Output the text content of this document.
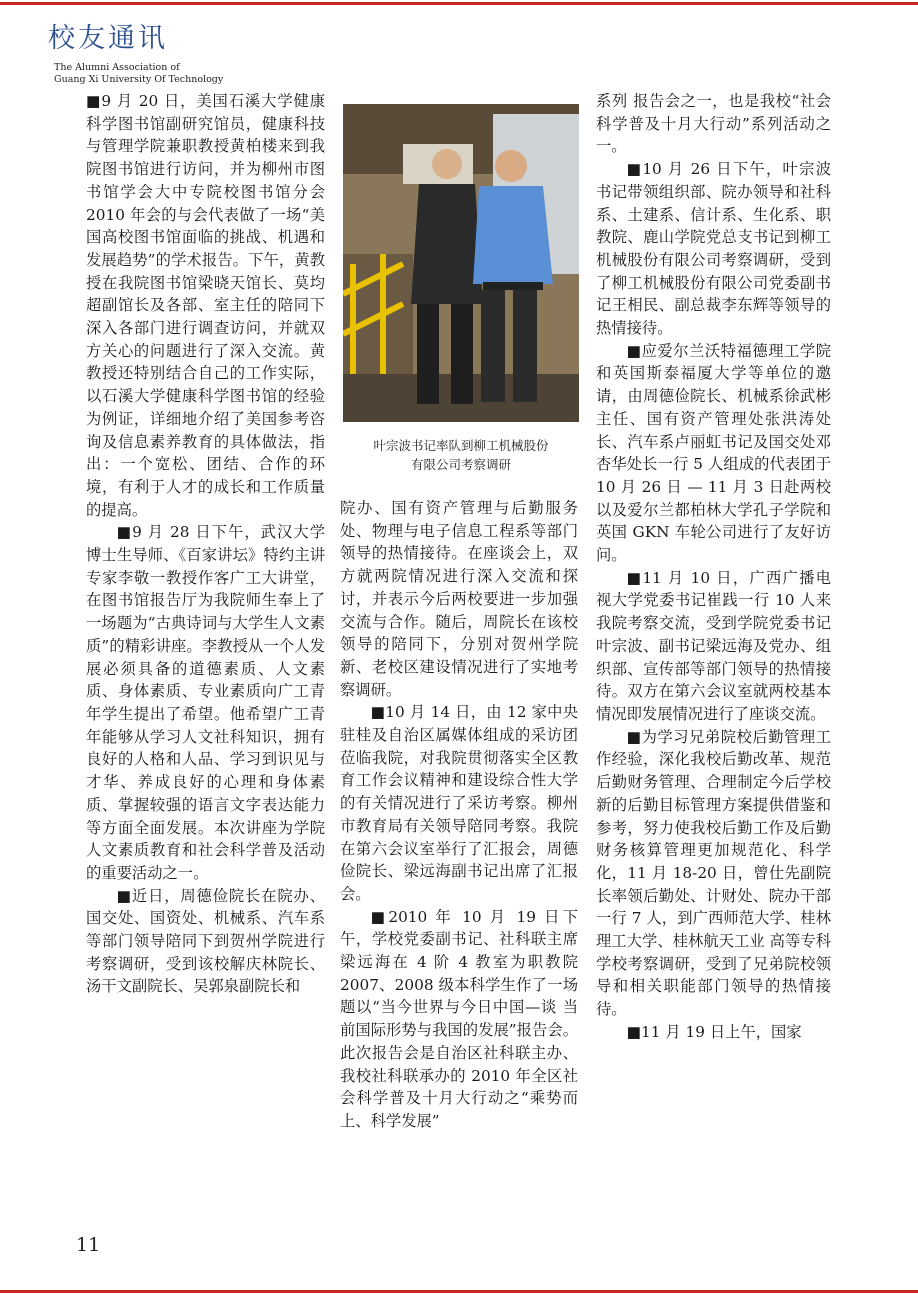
校友通讯
The Alumni Association of
Guang Xi University Of Technology

■9 月 20 日，美国石溪大学健康科学图书馆副研究馆员，健康科技与管理学院兼职教授黄柏楼来到我院图书馆进行访问，并为柳州市图书馆学会大中专院校图书馆分会 2010 年会的与会代表做了一场“美国高校图书馆面临的挑战、机遇和发展趋势”的学术报告。下午，黄教授在我院图书馆梁晓天馆长、莫均超副馆长及各部、室主任的陪同下深入各部门进行调查访问，并就双方关心的问题进行了深入交流。黄教授还特别结合自己的工作实际，以石溪大学健康科学图书馆的经验为例证，详细地介绍了美国参考咨询及信息素养教育的具体做法，指出：一个宽松、团结、合作的环境，有利于人才的成长和工作质量的提高。

■9 月 28 日下午，武汉大学博士生导师、《百家讲坛》特约主讲专家李敬一教授作客广工大讲堂，在图书馆报告厅为我院师生奉上了一场题为“古典诗词与大学生人文素质”的精彩讲座。李教授从一个人发展必须具备的道德素质、人文素质、身体素质、专业素质向广工青年学生提出了希望。他希望广工青年能够从学习人文社科知识，拥有良好的人格和人品、学习到识见与才华、养成良好的心理和身体素质、掌握较强的语言文字表达能力等方面全面发展。本次讲座为学院人文素质教育和社会科学普及活动的重要活动之一。

■近日，周德俭院长在院办、国交处、国资处、机械系、汽车系等部门领导陪同下到贺州学院进行考察调研，受到该校解庆林院长、汤干文副院长、吴郭泉副院长和

叶宗波书记率队到柳工机械股份
有限公司考察调研

院办、国有资产管理与后勤服务处、物理与电子信息工程系等部门领导的热情接待。在座谈会上，双方就两院情况进行深入交流和探讨，并表示今后两校要进一步加强交流与合作。随后，周院长在该校领导的陪同下，分别对贺州学院新、老校区建设情况进行了实地考察调研。

■10 月 14 日，由 12 家中央驻桂及自治区属媒体组成的采访团莅临我院，对我院贯彻落实全区教育工作会议精神和建设综合性大学的有关情况进行了采访考察。柳州市教育局有关领导陪同考察。我院在第六会议室举行了汇报会，周德俭院长、梁远海副书记出席了汇报会。

■2010 年 10 月 19 日下午，学校党委副书记、社科联主席梁远海在 4 阶 4 教室为职教院 2007、2008 级本科学生作了一场题以“当今世界与今日中国—谈 当前国际形势与我国的发展”报告会。此次报告会是自治区社科联主办、我校社科联承办的 2010 年全区社会科学普及十月大行动之“乘势而上、科学发展”

系列 报告会之一，也是我校“社会科学普及十月大行动”系列活动之一。

■10 月 26 日下午，叶宗波书记带领组织部、院办领导和社科系、土建系、信计系、生化系、职教院、鹿山学院党总支书记到柳工机械股份有限公司考察调研，受到了柳工机械股份有限公司党委副书记王相民、副总裁李东辉等领导的热情接待。

■应爱尔兰沃特福德理工学院和英国斯泰福厦大学等单位的邀请，由周德俭院长、机械系徐武彬主任、国有资产管理处张洪涛处长、汽车系卢丽虹书记及国交处邓杏华处长一行 5 人组成的代表团于 10 月 26 日 — 11 月 3 日赴两校以及爱尔兰都柏林大学孔子学院和英国 GKN 车轮公司进行了友好访问。

■11 月 10 日，广西广播电视大学党委书记崔践一行 10 人来我院考察交流，受到学院党委书记叶宗波、副书记梁远海及党办、组织部、宣传部等部门领导的热情接待。双方在第六会议室就两校基本情况即发展情况进行了座谈交流。

■为学习兄弟院校后勤管理工作经验，深化我校后勤改革、规范后勤财务管理、合理制定今后学校新的后勤目标管理方案提供借鉴和参考，努力使我校后勤工作及后勤 财务核算管理更加规范化、科学化，11 月 18-20 日，曾仕先副院长率领后勤处、计财处、院办干部一行 7 人，到广西师范大学、桂林理工大学、桂林航天工业 高等专科学校考察调研，受到了兄弟院校领导和相关职能部门领导的热情接待。

■11 月 19 日上午，国家

11
